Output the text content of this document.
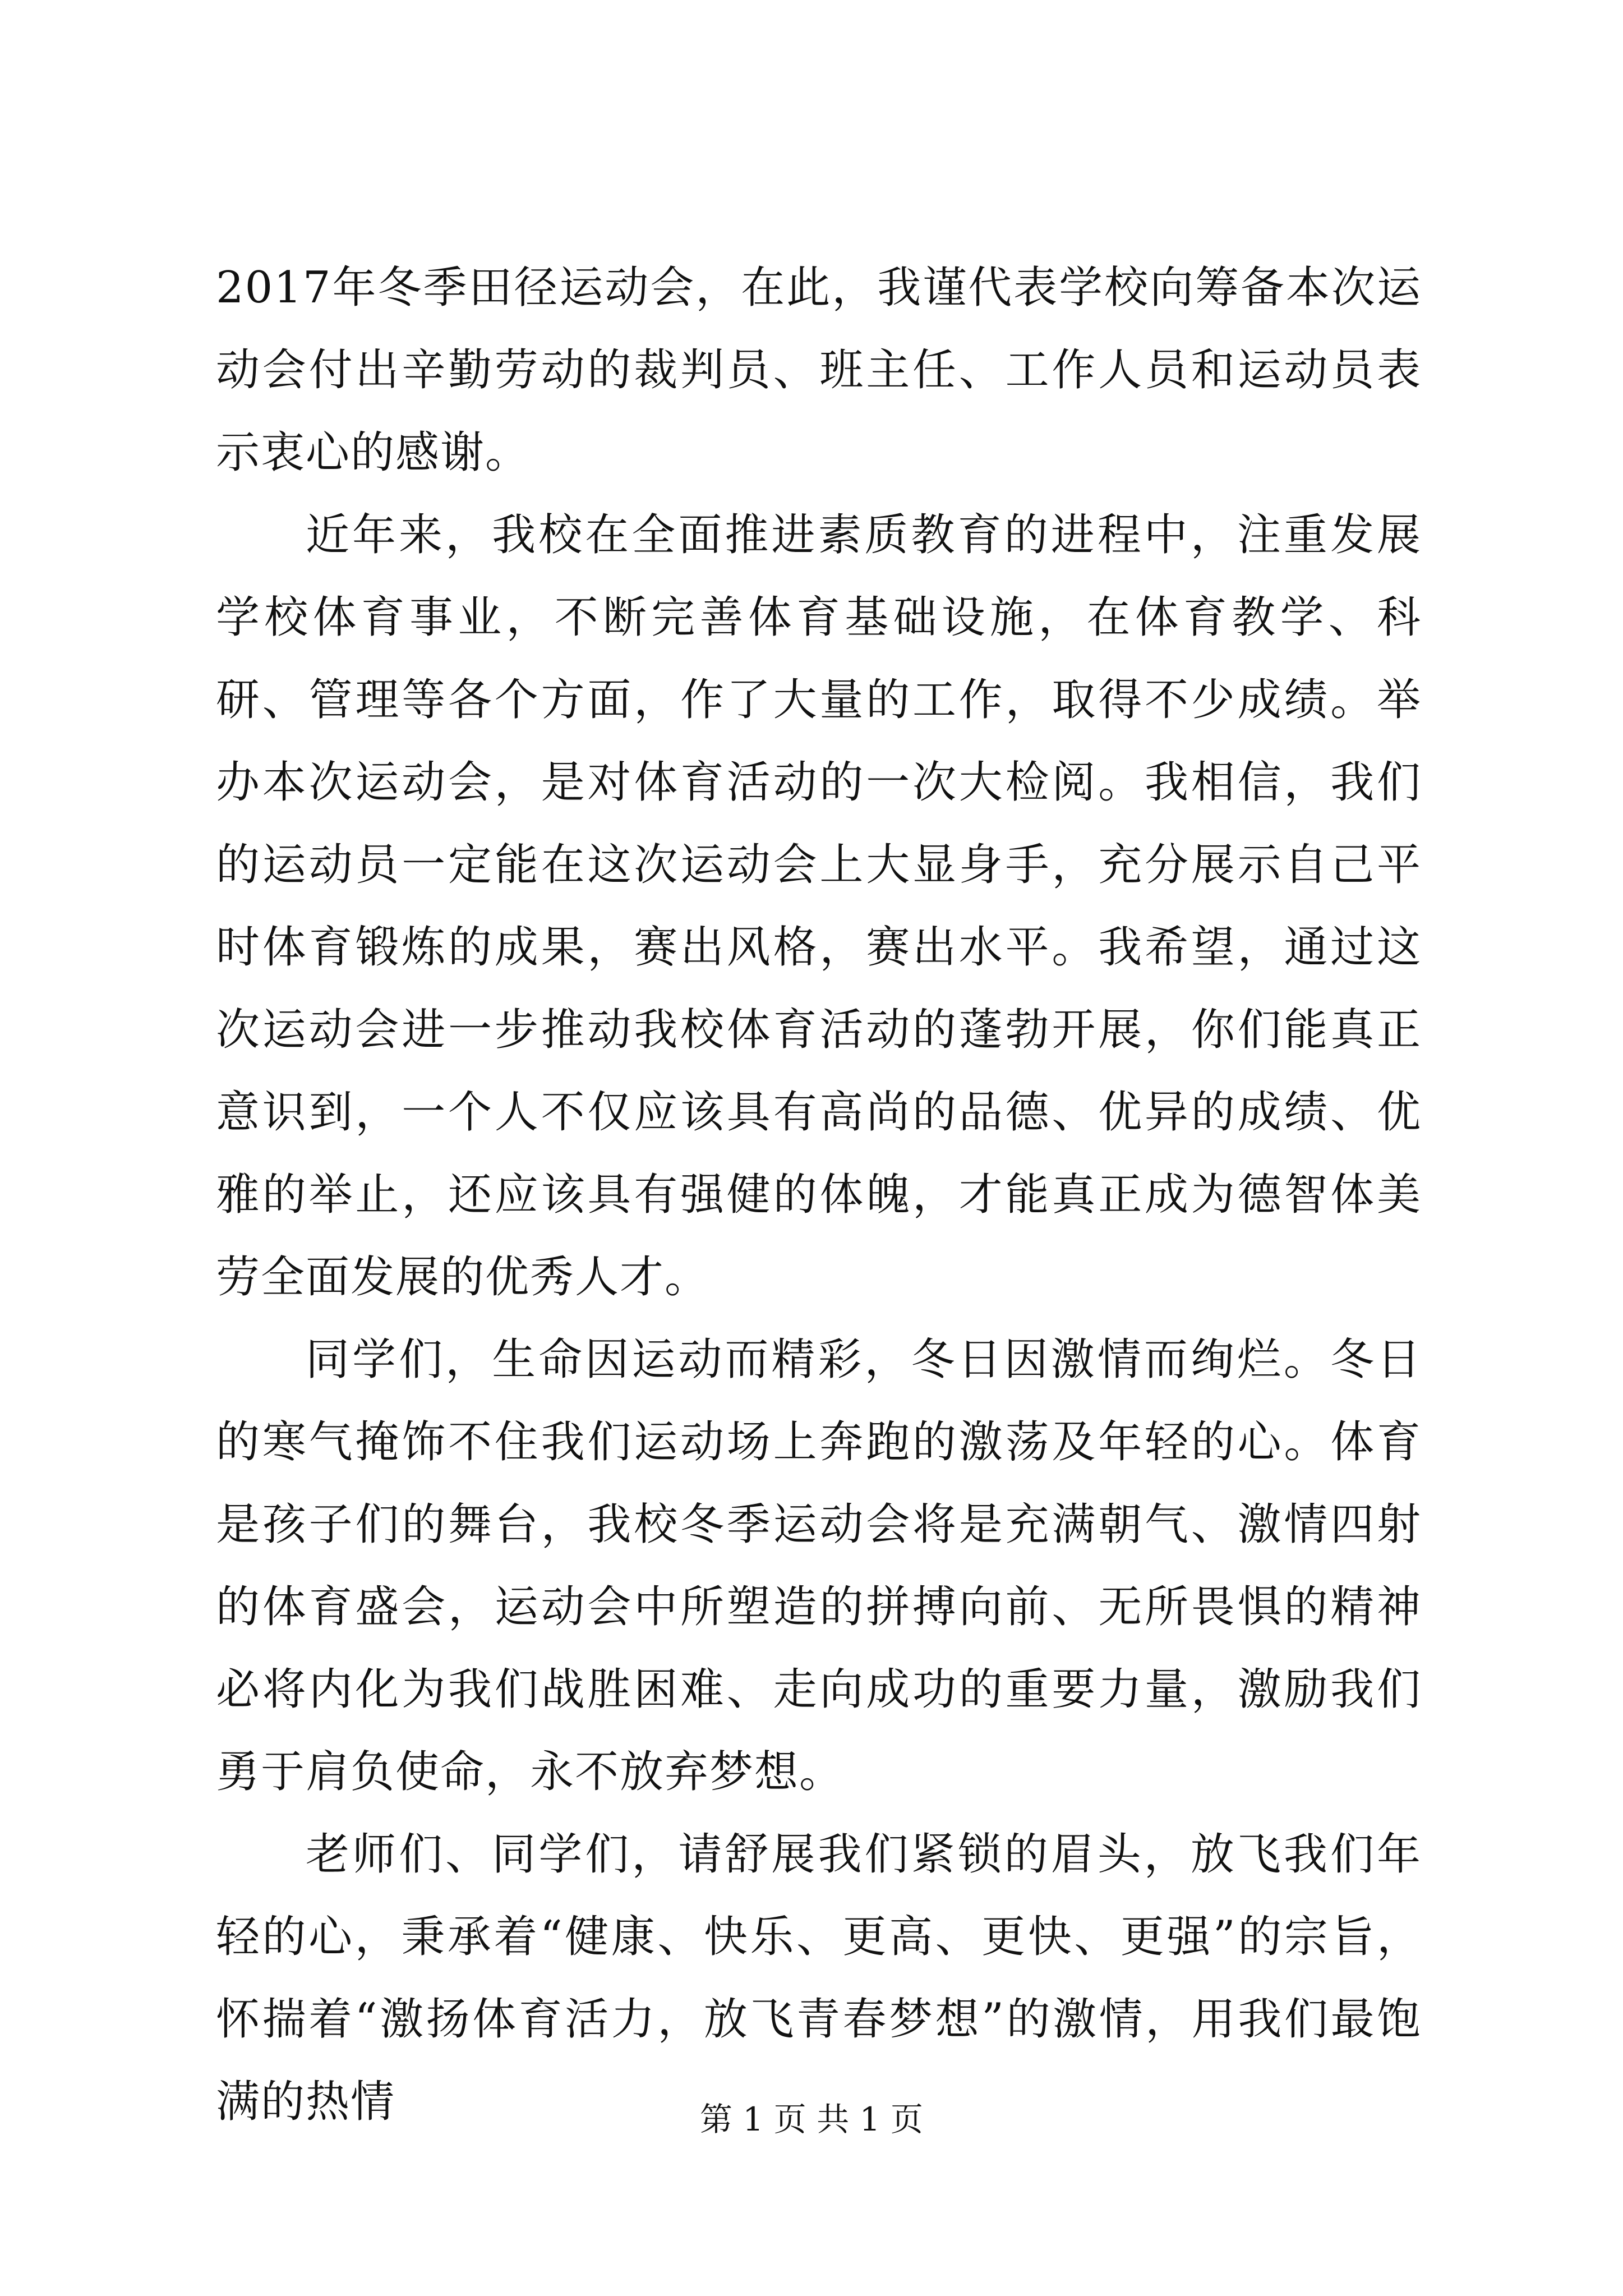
2017年冬季田径运动会，在此，我谨代表学校向筹备本次运动会付出辛勤劳动的裁判员、班主任、工作人员和运动员表示衷心的感谢。

近年来，我校在全面推进素质教育的进程中，注重发展学校体育事业，不断完善体育基础设施，在体育教学、科研、管理等各个方面，作了大量的工作，取得不少成绩。举办本次运动会，是对体育活动的一次大检阅。我相信，我们的运动员一定能在这次运动会上大显身手，充分展示自己平时体育锻炼的成果，赛出风格，赛出水平。我希望，通过这次运动会进一步推动我校体育活动的蓬勃开展，你们能真正意识到，一个人不仅应该具有高尚的品德、优异的成绩、优雅的举止，还应该具有强健的体魄，才能真正成为德智体美劳全面发展的优秀人才。

同学们，生命因运动而精彩，冬日因激情而绚烂。冬日的寒气掩饰不住我们运动场上奔跑的激荡及年轻的心。体育是孩子们的舞台，我校冬季运动会将是充满朝气、激情四射的体育盛会，运动会中所塑造的拼搏向前、无所畏惧的精神必将内化为我们战胜困难、走向成功的重要力量，激励我们勇于肩负使命，永不放弃梦想。

老师们、同学们，请舒展我们紧锁的眉头，放飞我们年轻的心，秉承着“健康、快乐、更高、更快、更强”的宗旨，怀揣着“激扬体育活力，放飞青春梦想”的激情，用我们最饱满的热情	第 1 页 共 1 页
